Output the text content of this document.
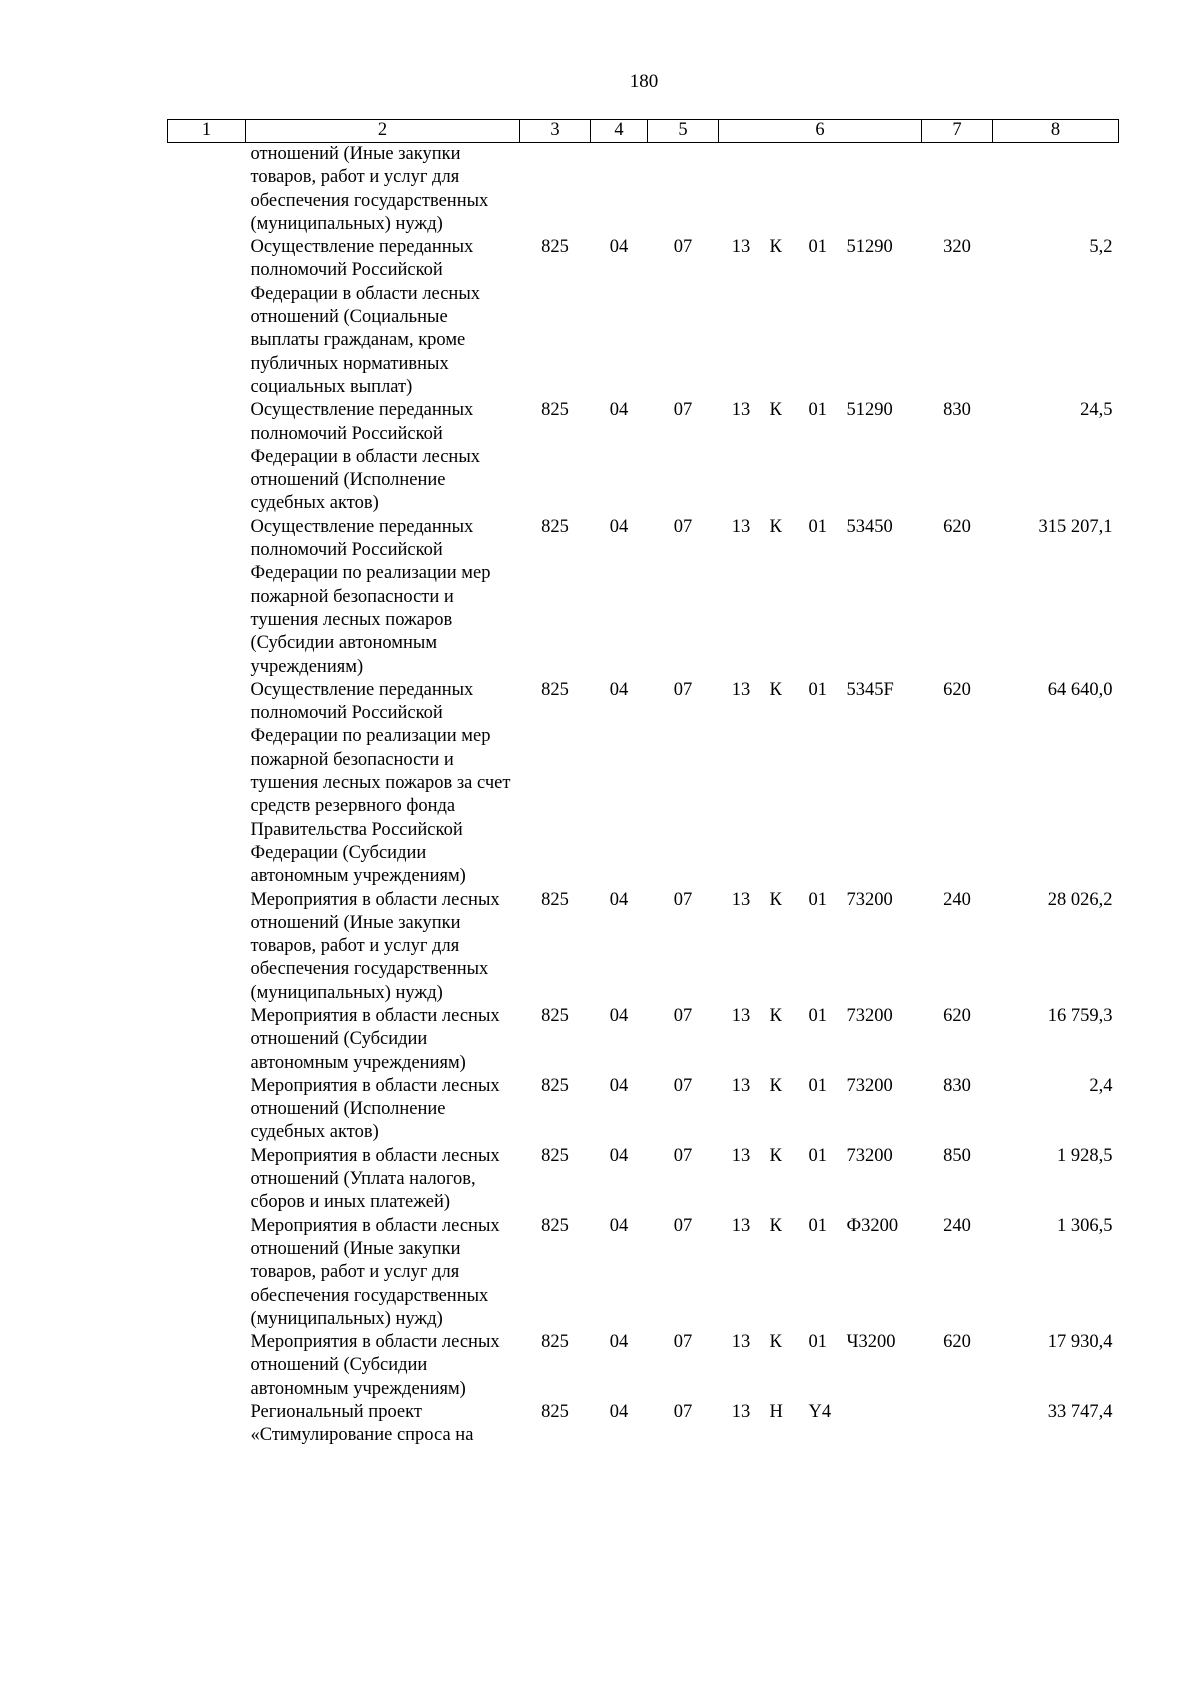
180
1	2	3	4	5	6				7	8
	отношений (Иные закупки товаров, работ и услуг для обеспечения государственных (муниципальных) нужд)									
	Осуществление переданных полномочий Российской Федерации в области лесных отношений (Социальные выплаты гражданам, кроме публичных нормативных социальных выплат)	825	04	07	13	К	01	51290	320	5,2
	Осуществление переданных полномочий Российской Федерации в области лесных отношений (Исполнение судебных актов)	825	04	07	13	К	01	51290	830	24,5
	Осуществление переданных полномочий Российской Федерации по реализации мер пожарной безопасности и тушения лесных пожаров (Субсидии автономным учреждениям)	825	04	07	13	К	01	53450	620	315 207,1
	Осуществление переданных полномочий Российской Федерации по реализации мер пожарной безопасности и тушения лесных пожаров за счет средств резервного фонда Правительства Российской Федерации (Субсидии автономным учреждениям)	825	04	07	13	К	01	5345F	620	64 640,0
	Мероприятия в области лесных отношений (Иные закупки товаров, работ и услуг для обеспечения государственных (муниципальных) нужд)	825	04	07	13	К	01	73200	240	28 026,2
	Мероприятия в области лесных отношений (Субсидии автономным учреждениям)	825	04	07	13	К	01	73200	620	16 759,3
	Мероприятия в области лесных отношений (Исполнение судебных актов)	825	04	07	13	К	01	73200	830	2,4
	Мероприятия в области лесных отношений (Уплата налогов, сборов и иных платежей)	825	04	07	13	К	01	73200	850	1 928,5
	Мероприятия в области лесных отношений (Иные закупки товаров, работ и услуг для обеспечения государственных (муниципальных) нужд)	825	04	07	13	К	01	Ф3200	240	1 306,5
	Мероприятия в области лесных отношений (Субсидии автономным учреждениям)	825	04	07	13	К	01	Ч3200	620	17 930,4
	Региональный проект «Стимулирование спроса на	825	04	07	13	Н	Y4			33 747,4
